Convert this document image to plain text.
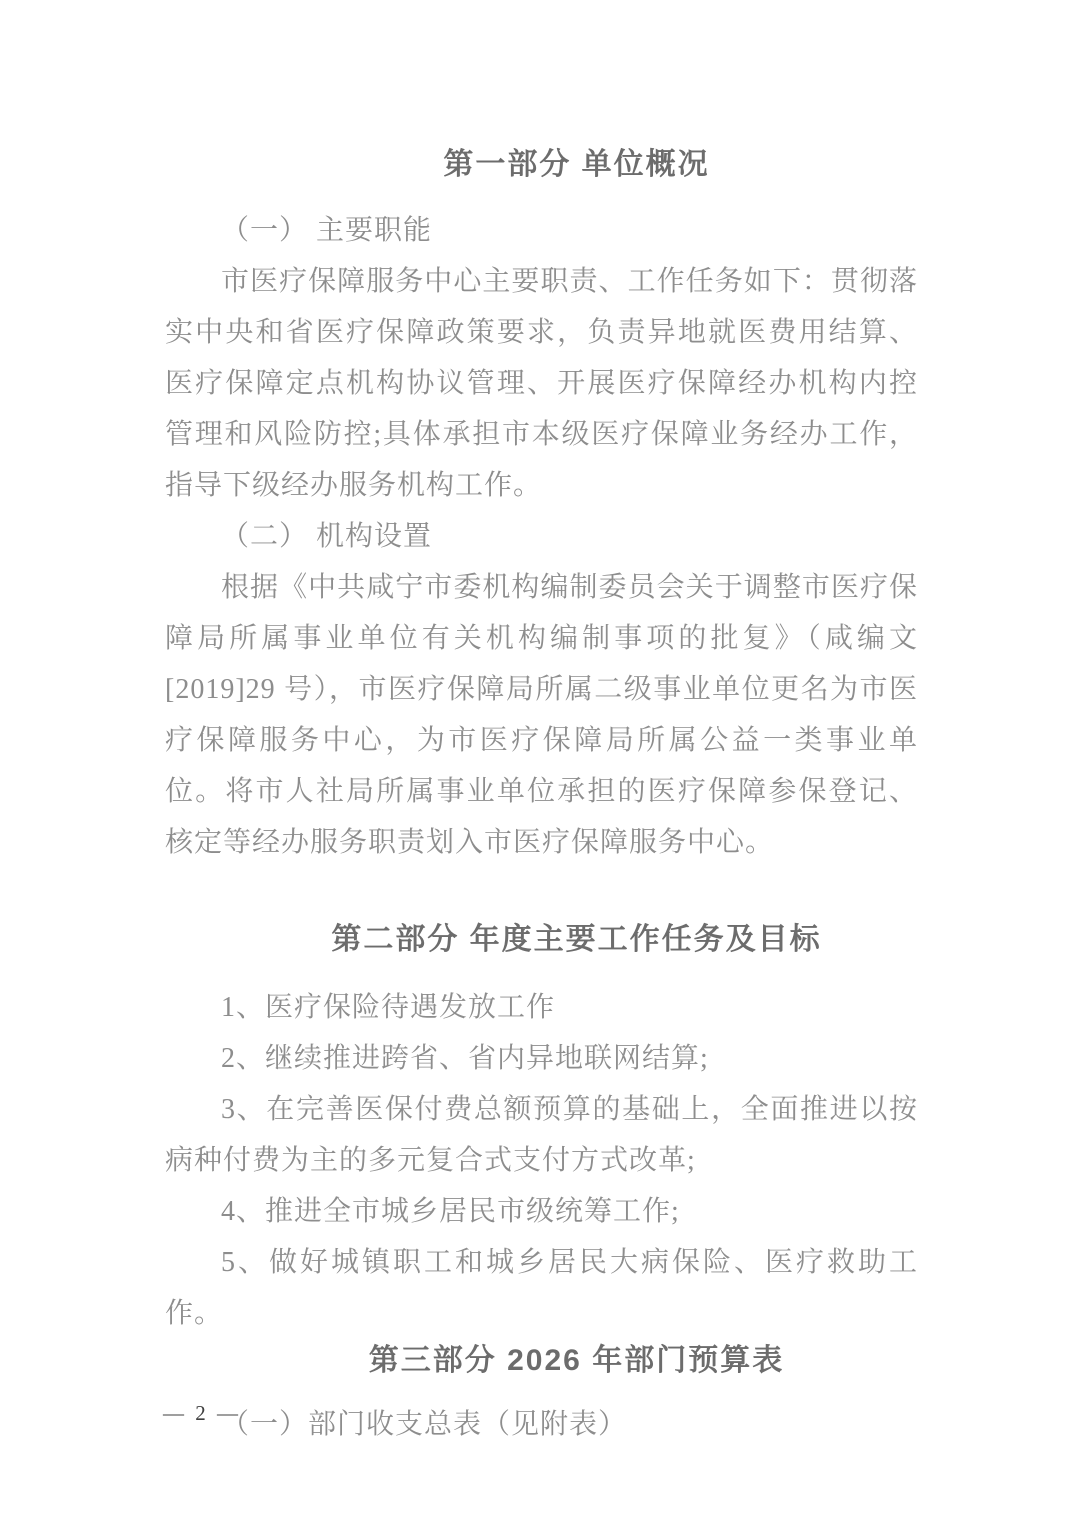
第一部分 单位概况

（一） 主要职能

市医疗保障服务中心主要职责、工作任务如下：贯彻落实中央和省医疗保障政策要求，负责异地就医费用结算、医疗保障定点机构协议管理、开展医疗保障经办机构内控管理和风险防控;具体承担市本级医疗保障业务经办工作，指导下级经办服务机构工作。

（二） 机构设置

根据《中共咸宁市委机构编制委员会关于调整市医疗保障局所属事业单位有关机构编制事项的批复》（咸编文[2019]29 号），市医疗保障局所属二级事业单位更名为市医疗保障服务中心，为市医疗保障局所属公益一类事业单位。将市人社局所属事业单位承担的医疗保障参保登记、核定等经办服务职责划入市医疗保障服务中心。

第二部分 年度主要工作任务及目标

1、医疗保险待遇发放工作

2、继续推进跨省、省内异地联网结算;

3、在完善医保付费总额预算的基础上，全面推进以按病种付费为主的多元复合式支付方式改革;

4、推进全市城乡居民市级统筹工作;

5、做好城镇职工和城乡居民大病保险、医疗救助工作。

第三部分 2026 年部门预算表

（一）部门收支总表（见附表）

— 2 —
